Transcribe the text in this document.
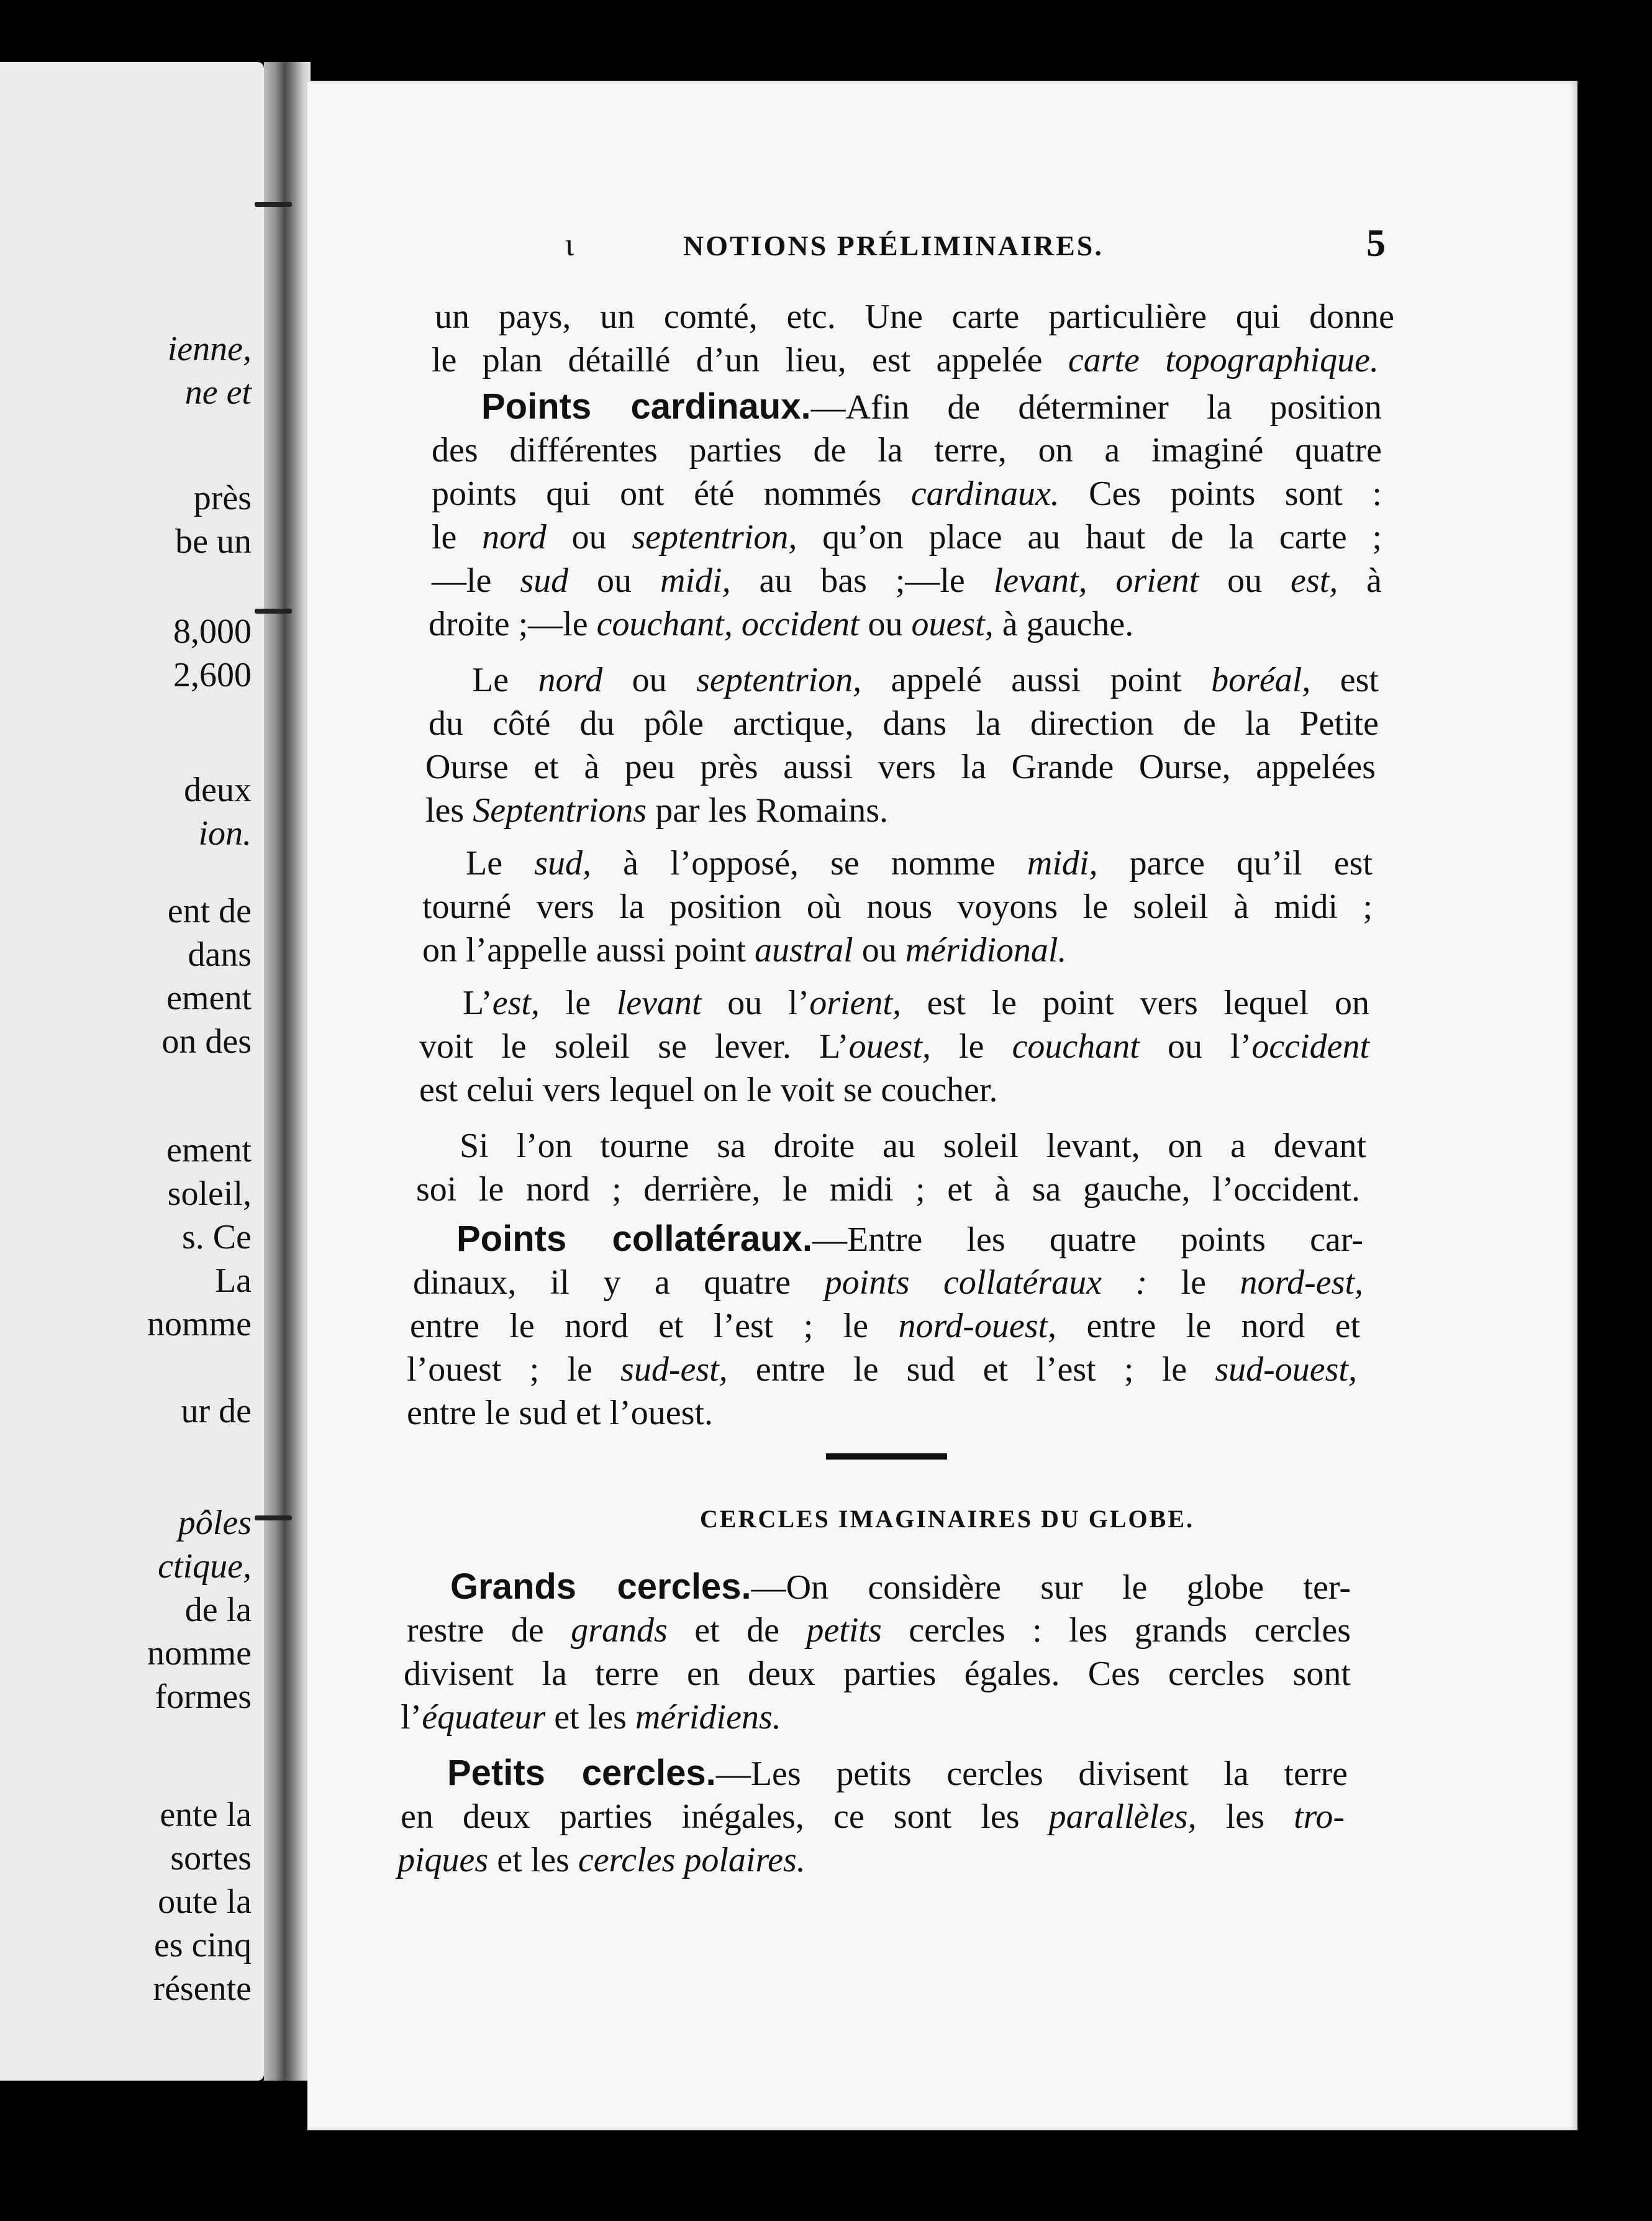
ienne,
ne et
près
be un
8,000
2,600
deux
ion.
ent de
dans
ement
on des
ement
soleil,
s. Ce
La
nomme
ur de
pôles
ctique,
de la
nomme
formes
ente la
sortes
oute la
es cinq
résente
ι	NOTIONS PRÉLIMINAIRES.	5
un pays, un comté, etc. Une carte particulière qui donne
le plan détaillé d’un lieu, est appelée carte topographique.
Points cardinaux.—Afin de déterminer la position
des différentes parties de la terre, on a imaginé quatre
points qui ont été nommés cardinaux. Ces points sont :
le nord ou septentrion, qu’on place au haut de la carte ;
—le sud ou midi, au bas ;—le levant, orient ou est, à
droite ;—le couchant, occident ou ouest, à gauche.
Le nord ou septentrion, appelé aussi point boréal, est
du côté du pôle arctique, dans la direction de la Petite
Ourse et à peu près aussi vers la Grande Ourse, appelées
les Septentrions par les Romains.
Le sud, à l’opposé, se nomme midi, parce qu’il est
tourné vers la position où nous voyons le soleil à midi ;
on l’appelle aussi point austral ou méridional.
L’est, le levant ou l’orient, est le point vers lequel on
voit le soleil se lever. L’ouest, le couchant ou l’occident
est celui vers lequel on le voit se coucher.
Si l’on tourne sa droite au soleil levant, on a devant
soi le nord ; derrière, le midi ; et à sa gauche, l’occident.
Points collatéraux.—Entre les quatre points car-
dinaux, il y a quatre points collatéraux : le nord-est,
entre le nord et l’est ; le nord-ouest, entre le nord et
l’ouest ; le sud-est, entre le sud et l’est ; le sud-ouest,
entre le sud et l’ouest.
CERCLES IMAGINAIRES DU GLOBE.
Grands cercles.—On considère sur le globe ter-
restre de grands et de petits cercles : les grands cercles
divisent la terre en deux parties égales. Ces cercles sont
l’équateur et les méridiens.
Petits cercles.—Les petits cercles divisent la terre
en deux parties inégales, ce sont les parallèles, les tro-
piques et les cercles polaires.
